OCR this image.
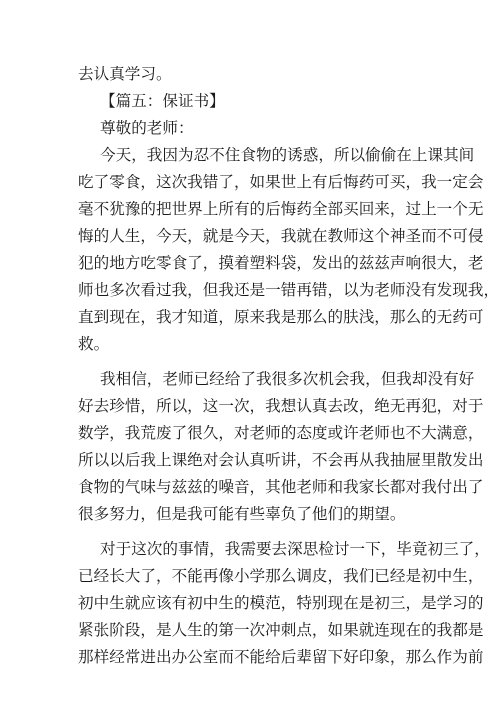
去认真学习。
【篇五：保证书】
尊敬的老师：
今天，我因为忍不住食物的诱惑，所以偷偷在上课其间
吃了零食，这次我错了，如果世上有后悔药可买，我一定会
毫不犹豫的把世界上所有的后悔药全部买回来，过上一个无
悔的人生，今天，就是今天，我就在教师这个神圣而不可侵
犯的地方吃零食了，摸着塑料袋，发出的兹兹声响很大，老
师也多次看过我，但我还是一错再错，以为老师没有发现我，
直到现在，我才知道，原来我是那么的肤浅，那么的无药可
救。
我相信，老师已经给了我很多次机会我，但我却没有好
好去珍惜，所以，这一次，我想认真去改，绝无再犯，对于
数学，我荒废了很久，对老师的态度或许老师也不大满意，
所以以后我上课绝对会认真听讲，不会再从我抽屉里散发出
食物的气味与兹兹的噪音，其他老师和我家长都对我付出了
很多努力，但是我可能有些辜负了他们的期望。
对于这次的事情，我需要去深思检讨一下，毕竟初三了，
已经长大了，不能再像小学那么调皮，我们已经是初中生，
初中生就应该有初中生的模范，特别现在是初三，是学习的
紧张阶段，是人生的第一次冲刺点，如果就连现在的我都是
那样经常进出办公室而不能给后辈留下好印象，那么作为前
